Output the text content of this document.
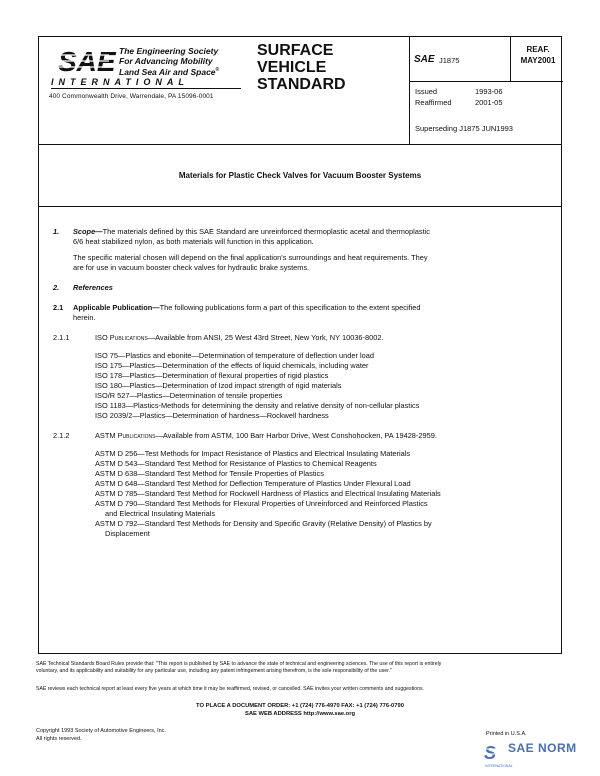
SAE The Engineering Society
For Advancing Mobility
Land Sea Air and Space®
INTERNATIONAL
400 Commonwealth Drive, Warrendale, PA 15096-0001
SURFACE
VEHICLE
STANDARD
SAE J1875
REAF.
MAY2001
Issued	1993-06
Reaffirmed	2001-05
Superseding J1875 JUN1993
Materials for Plastic Check Valves for Vacuum Booster Systems
1. Scope—The materials defined by this SAE Standard are unreinforced thermoplastic acetal and thermoplastic
6/6 heat stabilized nylon, as both materials will function in this application.
The specific material chosen will depend on the final application's surroundings and heat requirements. They
are for use in vacuum booster check valves for hydraulic brake systems.
2. References
2.1 Applicable Publication—The following publications form a part of this specification to the extent specified
herein.
2.1.1	ISO Publications—Available from ANSI, 25 West 43rd Street, New York, NY 10036-8002.
ISO 75—Plastics and ebonite—Determination of temperature of deflection under load
ISO 175—Plastics—Determination of the effects of liquid chemicals, including water
ISO 178—Plastics—Determination of flexural properties of rigid plastics
ISO 180—Plastics—Determination of Izod impact strength of rigid materials
ISO/R 527—Plastics—Determination of tensile properties
ISO 1183—Plastics-Methods for determining the density and relative density of non-cellular plastics
ISO 2039/2—Plastics—Determination of hardness—Rockwell hardness
2.1.2	ASTM Publications—Available from ASTM, 100 Barr Harbor Drive, West Conshohocken, PA 19428-2959.
ASTM D 256—Test Methods for Impact Resistance of Plastics and Electrical Insulating Materials
ASTM D 543—Standard Test Method for Resistance of Plastics to Chemical Reagents
ASTM D 638—Standard Test Method for Tensile Properties of Plastics
ASTM D 648—Standard Test Method for Deflection Temperature of Plastics Under Flexural Load
ASTM D 785—Standard Test Method for Rockwell Hardness of Plastics and Electrical Insulating Materials
ASTM D 790—Standard Test Methods for Flexural Properties of Unreinforced and Reinforced Plastics
and Electrical Insulating Materials
ASTM D 792—Standard Test Methods for Density and Specific Gravity (Relative Density) of Plastics by
Displacement
SAE Technical Standards Board Rules provide that: "This report is published by SAE to advance the state of technical and engineering sciences. The use of this report is entirely
voluntary, and its applicability and suitability for any particular use, including any patent infringement arising therefrom, is the sole responsibility of the user."
SAE reviews each technical report at least every five years at which time it may be reaffirmed, revised, or cancelled. SAE invites your written comments and suggestions.
TO PLACE A DOCUMENT ORDER: +1 (724) 776-4970 FAX: +1 (724) 776-0790
SAE WEB ADDRESS http://www.sae.org
Copyright 1993 Society of Automotive Engineers, Inc.
All rights reserved.
Printed in U.S.A.
S SAE NORM
INTERNATIONAL
